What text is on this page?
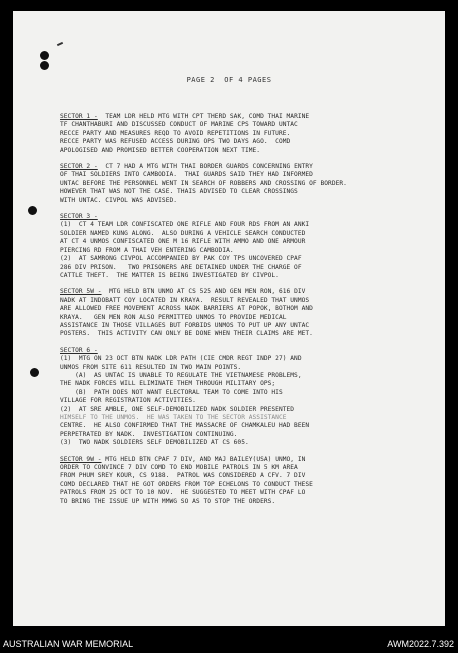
PAGE 2  OF 4 PAGES
SECTOR 1 -  TEAM LDR HELD MTG WITH CPT THERD SAK, COMD THAI MARINE
TF CHANTHABURI AND DISCUSSED CONDUCT OF MARINE CPS TOWARD UNTAC
RECCE PARTY AND MEASURES REQD TO AVOID REPETITIONS IN FUTURE.
RECCE PARTY WAS REFUSED ACCESS DURING OPS TWO DAYS AGO.  COMD
APOLOGISED AND PROMISED BETTER COOPERATION NEXT TIME.
SECTOR 2 -  CT 7 HAD A MTG WITH THAI BORDER GUARDS CONCERNING ENTRY
OF THAI SOLDIERS INTO CAMBODIA.  THAI GUARDS SAID THEY HAD INFORMED
UNTAC BEFORE THE PERSONNEL WENT IN SEARCH OF ROBBERS AND CROSSING OF BORDER.
HOWEVER THAT WAS NOT THE CASE. THAIS ADVISED TO CLEAR CROSSINGS
WITH UNTAC. CIVPOL WAS ADVISED.
SECTOR 3 -
(1)  CT 4 TEAM LDR CONFISCATED ONE RIFLE AND FOUR RDS FROM AN ANKI
SOLDIER NAMED KUNG ALONG.  ALSO DURING A VEHICLE SEARCH CONDUCTED
AT CT 4 UNMOS CONFISCATED ONE M 16 RIFLE WITH AMMO AND ONE ARMOUR
PIERCING RD FROM A THAI VEH ENTERING CAMBODIA.
(2)  AT SAMRONG CIVPOL ACCOMPANIED BY PAK COY TPS UNCOVERED CPAF
286 DIV PRISON.   TWO PRISONERS ARE DETAINED UNDER THE CHARGE OF
CATTLE THEFT.  THE MATTER IS BEING INVESTIGATED BY CIVPOL.
SECTOR 5W -  MTG HELD BTN UNMO AT CS 525 AND GEN MEN RON, 616 DIV
NADK AT INDOBATT COY LOCATED IN KRAYA.  RESULT REVEALED THAT UNMOS
ARE ALLOWED FREE MOVEMENT ACROSS NADK BARRIERS AT POPOK, BOTHOM AND
KRAYA.   GEN MEN RON ALSO PERMITTED UNMOS TO PROVIDE MEDICAL
ASSISTANCE IN THOSE VILLAGES BUT FORBIDS UNMOS TO PUT UP ANY UNTAC
POSTERS.  THIS ACTIVITY CAN ONLY BE DONE WHEN THEIR CLAIMS ARE MET.
SECTOR 6 -
(1)  MTG ON 23 OCT BTN NADK LDR PATH (CIE CMDR REGT INDP 27) AND
UNMOS FROM SITE 611 RESULTED IN TWO MAIN POINTS.
(A)  AS UNTAC IS UNABLE TO REGULATE THE VIETNAMESE PROBLEMS,
THE NADK FORCES WILL ELIMINATE THEM THROUGH MILITARY OPS;
(B)  PATH DOES NOT WANT ELECTORAL TEAM TO COME INTO HIS
VILLAGE FOR REGISTRATION ACTIVITIES.
(2)  AT SRE AMBLE, ONE SELF-DEMOBILIZED NADK SOLDIER PRESENTED
HIMSELF TO THE UNMOS.  HE WAS TAKEN TO THE SECTOR ASSISTANCE
CENTRE.  HE ALSO CONFIRMED THAT THE MASSACRE OF CHAMKALEU HAD BEEN
PERPETRATED BY NADK.  INVESTIGATION CONTINUING.
(3)  TWO NADK SOLDIERS SELF DEMOBILIZED AT CS 605.
SECTOR 9W - MTG HELD BTN CPAF 7 DIV, AND MAJ BAILEY(USA) UNMO, IN
ORDER TO CONVINCE 7 DIV COMD TO END MOBILE PATROLS IN 5 KM AREA
FROM PHUM SREY KOUR, CS 9188.  PATROL WAS CONSIDERED A CFV. 7 DIV
COMD DECLARED THAT HE GOT ORDERS FROM TOP ECHELONS TO CONDUCT THESE
PATROLS FROM 25 OCT TO 10 NOV.  HE SUGGESTED TO MEET WITH CPAF LO
TO BRING THE ISSUE UP WITH MMWG SO AS TO STOP THE ORDERS.
AUSTRALIAN WAR MEMORIAL	AWM2022.7.392
